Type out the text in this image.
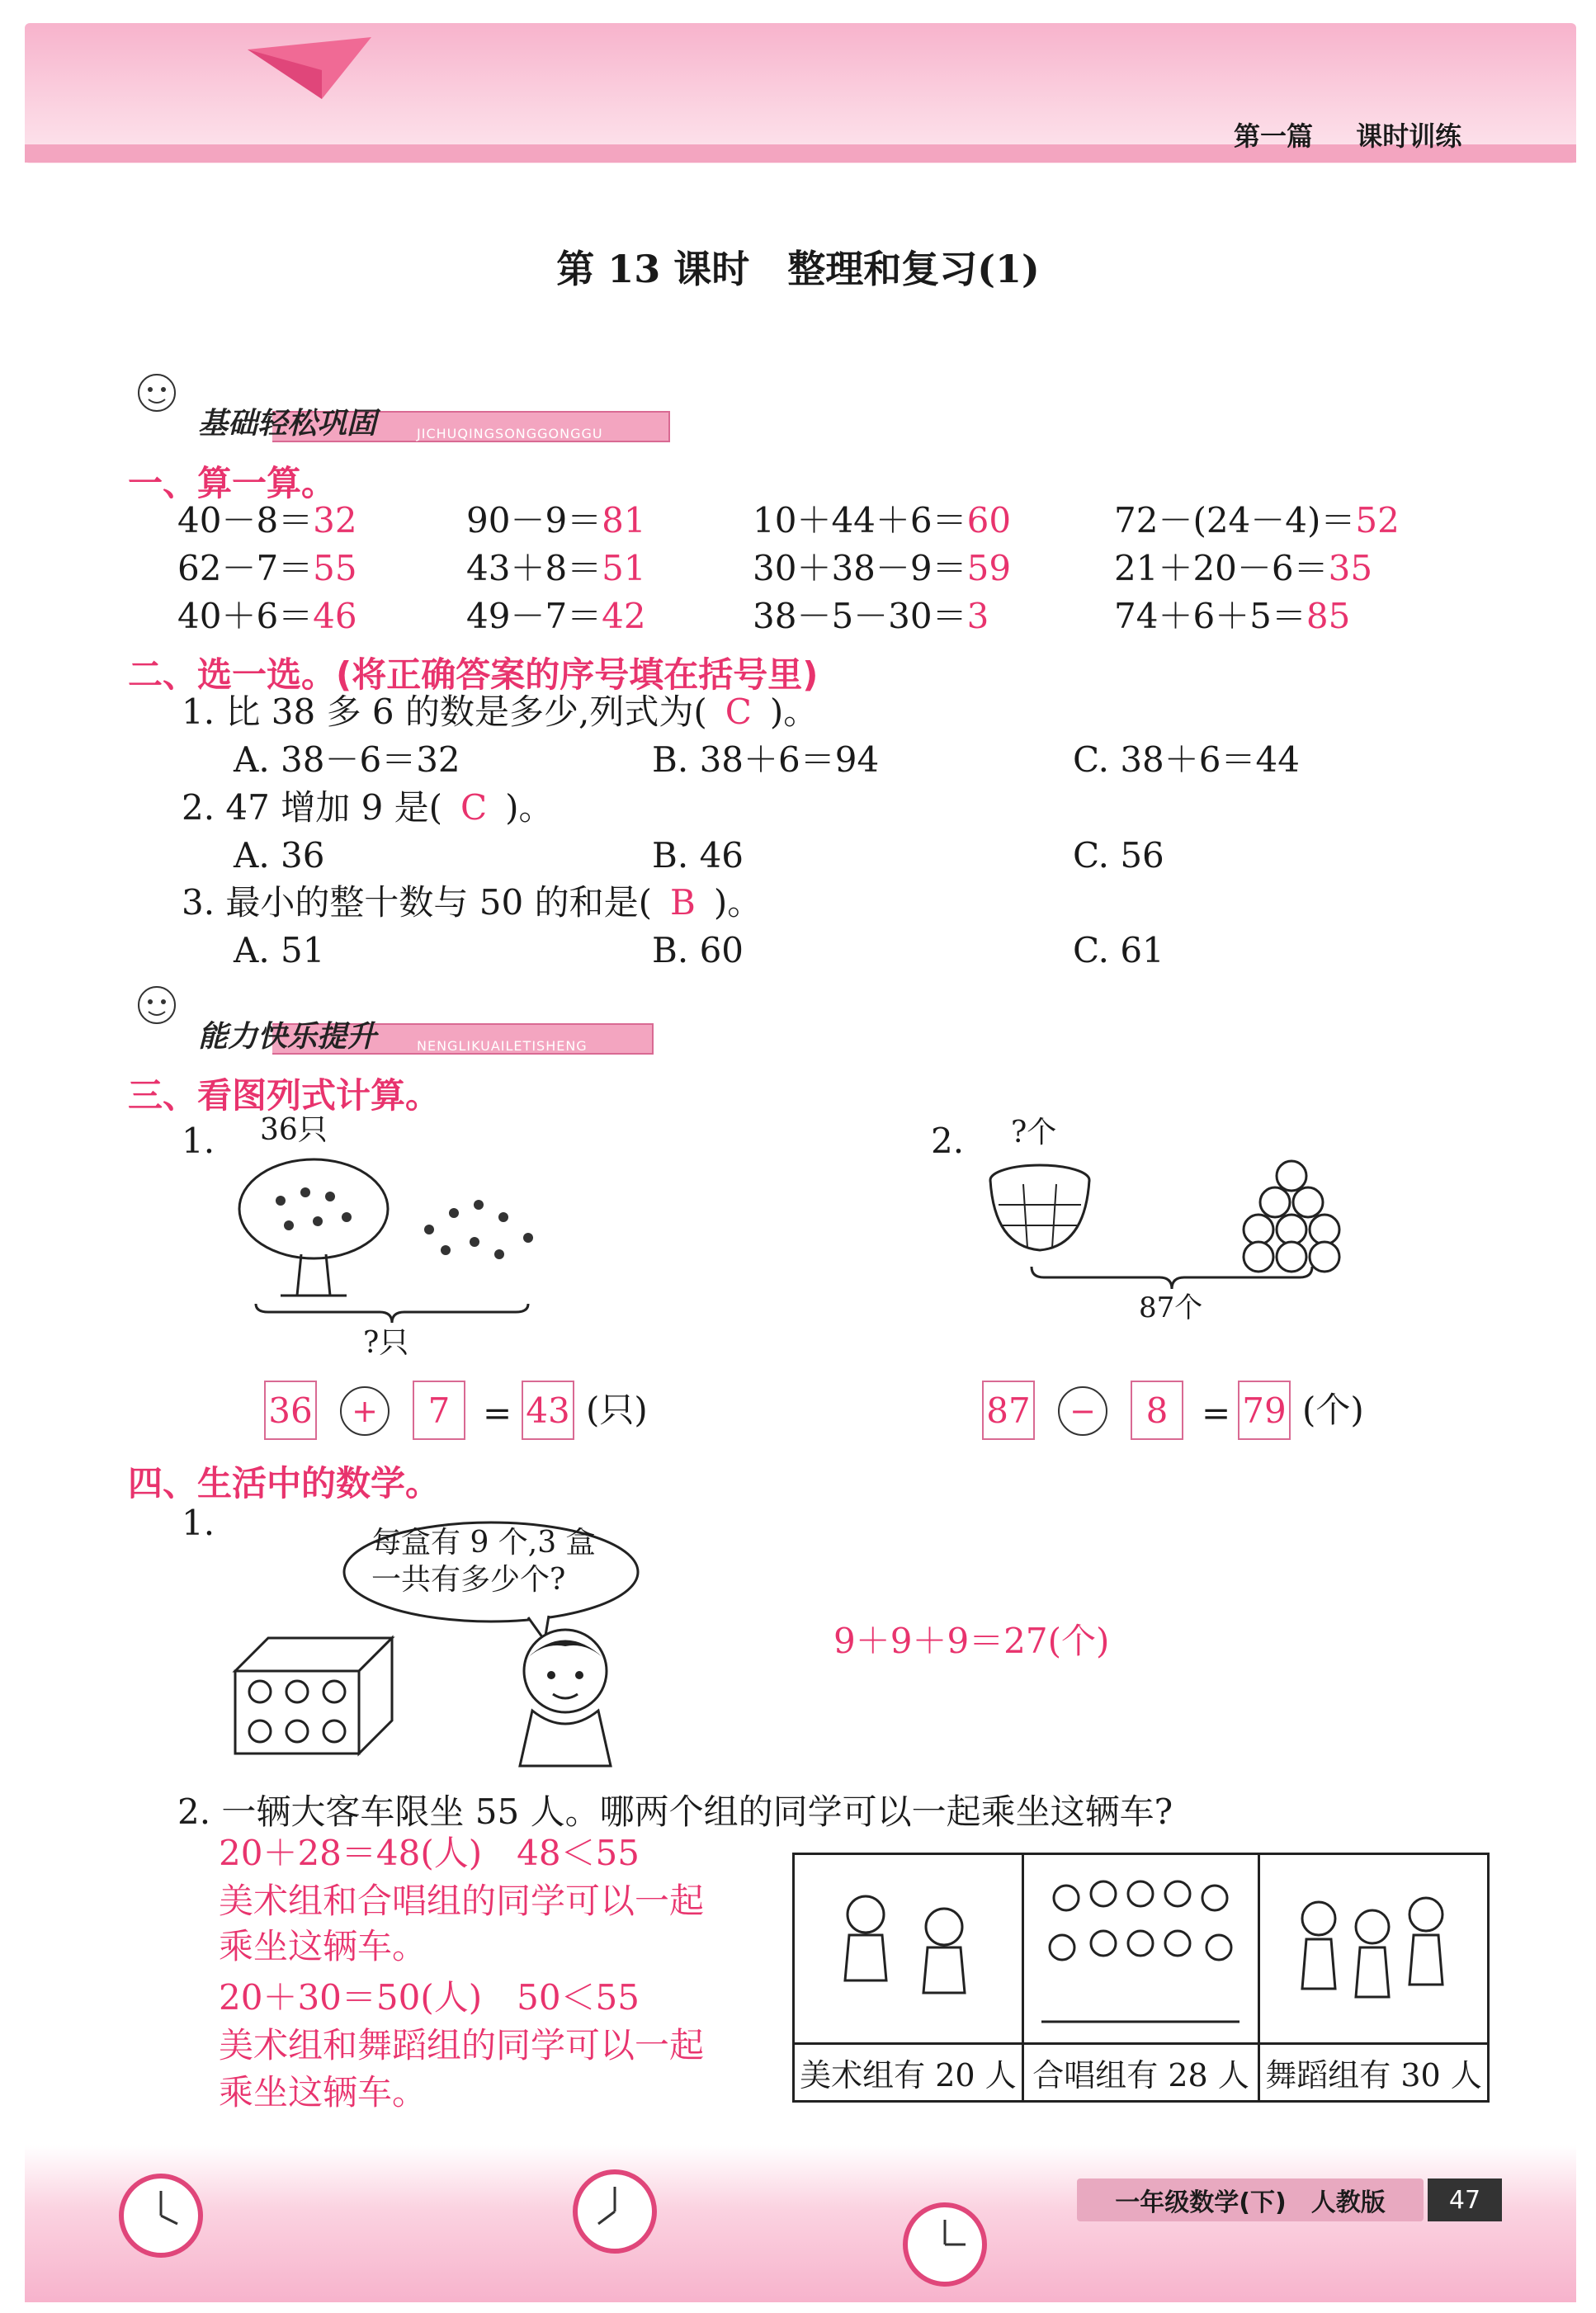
第一篇 课时训练
第 13 课时　整理和复习(1)
基础轻松巩固	JICHUQINGSONGGONGGU
一、算一算。
40－8＝32	90－9＝81	10＋44＋6＝60	72－(24－4)＝52
62－7＝55	43＋8＝51	30＋38－9＝59	21＋20－6＝35
40＋6＝46	49－7＝42	38－5－30＝3	74＋6＋5＝85
二、选一选。(将正确答案的序号填在括号里)
1. 比 38 多 6 的数是多少,列式为( C )。
A. 38－6＝32	B. 38＋6＝94	C. 38＋6＝44
2. 47 增加 9 是( C )。
A. 36	B. 46	C. 56
3. 最小的整十数与 50 的和是( B )。
A. 51	B. 60	C. 61
能力快乐提升	NENGLIKUAILETISHENG
三、看图列式计算。
1. 36只
?只
36	+	7 = 43 (只)
2. ?个
87个
87	−	8 = 79 (个)
四、生活中的数学。
1.	每盒有 9 个,3 盒
一共有多少个?
9＋9＋9＝27(个)
2. 一辆大客车限坐 55 人。哪两个组的同学可以一起乘坐这辆车?
20＋28＝48(人)　48＜55
美术组和合唱组的同学可以一起
乘坐这辆车。
20＋30＝50(人)　50＜55
美术组和舞蹈组的同学可以一起
乘坐这辆车。
			美术组有 20 人	合唱组有 28 人	舞蹈组有 30 人
一年级数学(下)　人教版	47
